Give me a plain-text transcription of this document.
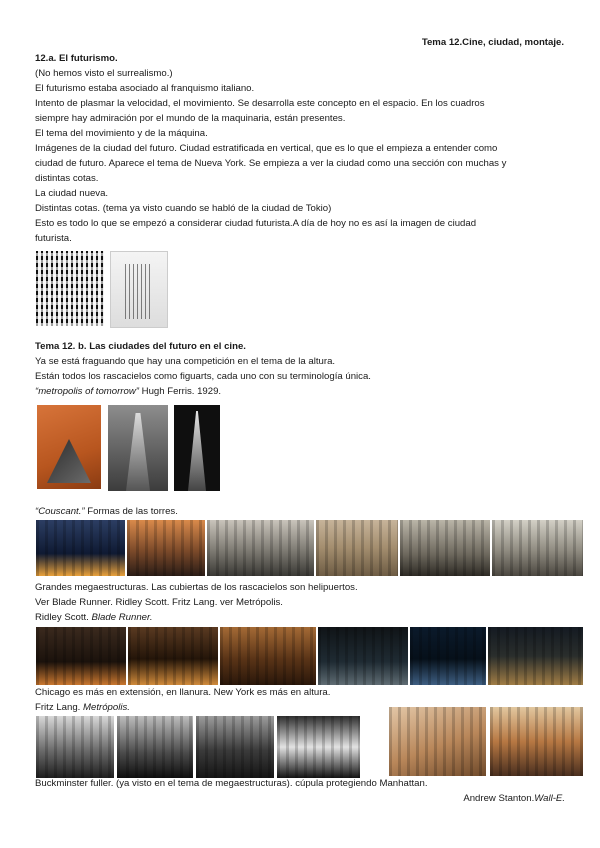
Tema 12.Cine, ciudad, montaje.

12.a. El futurismo.

(No hemos visto el surrealismo.)

El futurismo estaba asociado al franquismo italiano.

Intento de plasmar la velocidad, el movimiento. Se desarrolla este concepto en el espacio. En los cuadros

siempre hay admiración por el mundo de la maquinaria, están presentes.

El tema del movimiento y de la máquina.

Imágenes de la ciudad del futuro. Ciudad estratificada en vertical, que es lo que el empieza a entender como

ciudad de futuro. Aparece el tema de Nueva York. Se empieza a ver la ciudad como una sección con muchas y

distintas cotas.

La ciudad nueva.

Distintas cotas. (tema ya visto cuando se habló de la ciudad de Tokio)

Esto es todo lo que se empezó a considerar ciudad futurista.A día de hoy no es así la imagen de ciudad

futurista.

Tema 12. b. Las ciudades del futuro en el cine.

Ya se está fraguando que hay una competición en el tema de la altura.

Están todos los rascacielos como figuarts, cada uno con su terminología única.

“metropolis of tomorrow” Hugh Ferris. 1929.

“Couscant.” Formas de las torres.

Grandes megaestructuras. Las cubiertas de los rascacielos son helipuertos.

Ver Blade Runner. Ridley Scott. Fritz Lang. ver Metrópolis.

Ridley Scott. Blade Runner.

Chicago es más en extensión, en llanura. New York es más en altura.

Fritz Lang. Metrópolis.

Buckminster fuller. (ya visto en el tema de megaestructuras). cúpula protegiendo Manhattan.

Andrew Stanton.Wall-E.
